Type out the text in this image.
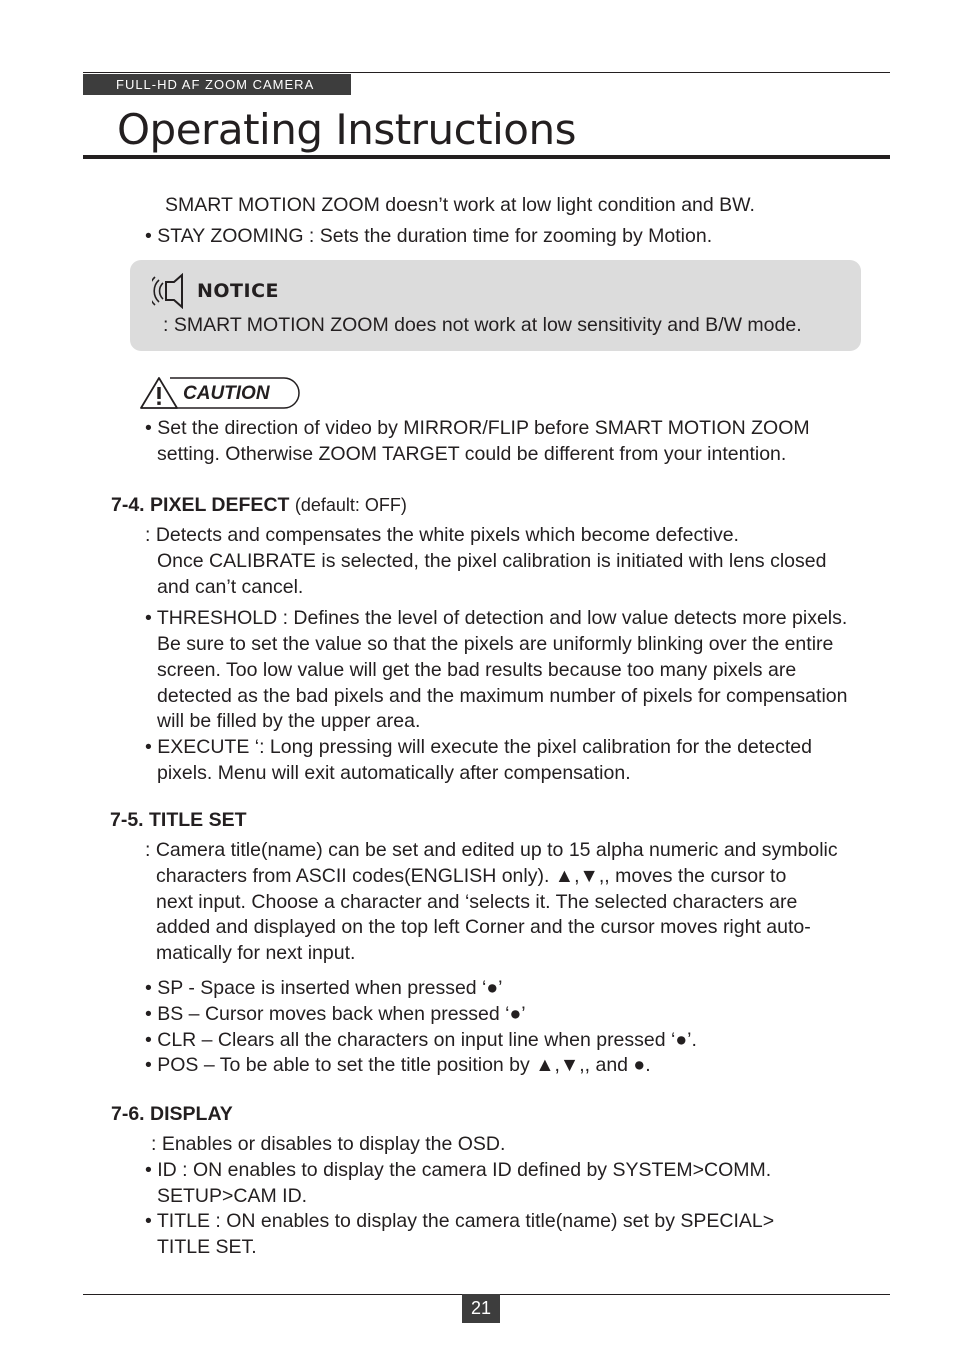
FULL-HD AF ZOOM CAMERA
Operating Instructions
SMART MOTION ZOOM doesn’t work at low light condition and BW.
• STAY ZOOMING : Sets the duration time for zooming by Motion.
NOTICE
: SMART MOTION ZOOM does not work at low sensitivity and B/W mode.
CAUTION
• Set the direction of video by MIRROR/FLIP before SMART MOTION ZOOM
setting. Otherwise ZOOM TARGET could be different from your intention.
7-4. PIXEL DEFECT (default: OFF)
: Detects and compensates the white pixels which become defective.
Once CALIBRATE is selected, the pixel calibration is initiated with lens closed
and can’t cancel.
• THRESHOLD : Defines the level of detection and low value detects more pixels.
Be sure to set the value so that the pixels are uniformly blinking over the entire
screen. Too low value will get the bad results because too many pixels are
detected as the bad pixels and the maximum number of pixels for compensation
will be filled by the upper area.
• EXECUTE ‘: Long pressing will execute the pixel calibration for the detected
pixels. Menu will exit automatically after compensation.
7-5. TITLE SET
: Camera title(name) can be set and edited up to 15 alpha numeric and symbolic
characters from ASCII codes(ENGLISH only). ▲,▼,, moves the cursor to
next input. Choose a character and ‘selects it. The selected characters are
added and displayed on the top left Corner and the cursor moves right auto-
matically for next input.
• SP - Space is inserted when pressed ‘●’
• BS – Cursor moves back when pressed ‘●’
• CLR – Clears all the characters on input line when pressed ‘●’.
• POS – To be able to set the title position by ▲,▼,, and ●.
7-6. DISPLAY
: Enables or disables to display the OSD.
• ID : ON enables to display the camera ID defined by SYSTEM>COMM.
SETUP>CAM ID.
• TITLE : ON enables to display the camera title(name) set by SPECIAL>
TITLE SET.
21
